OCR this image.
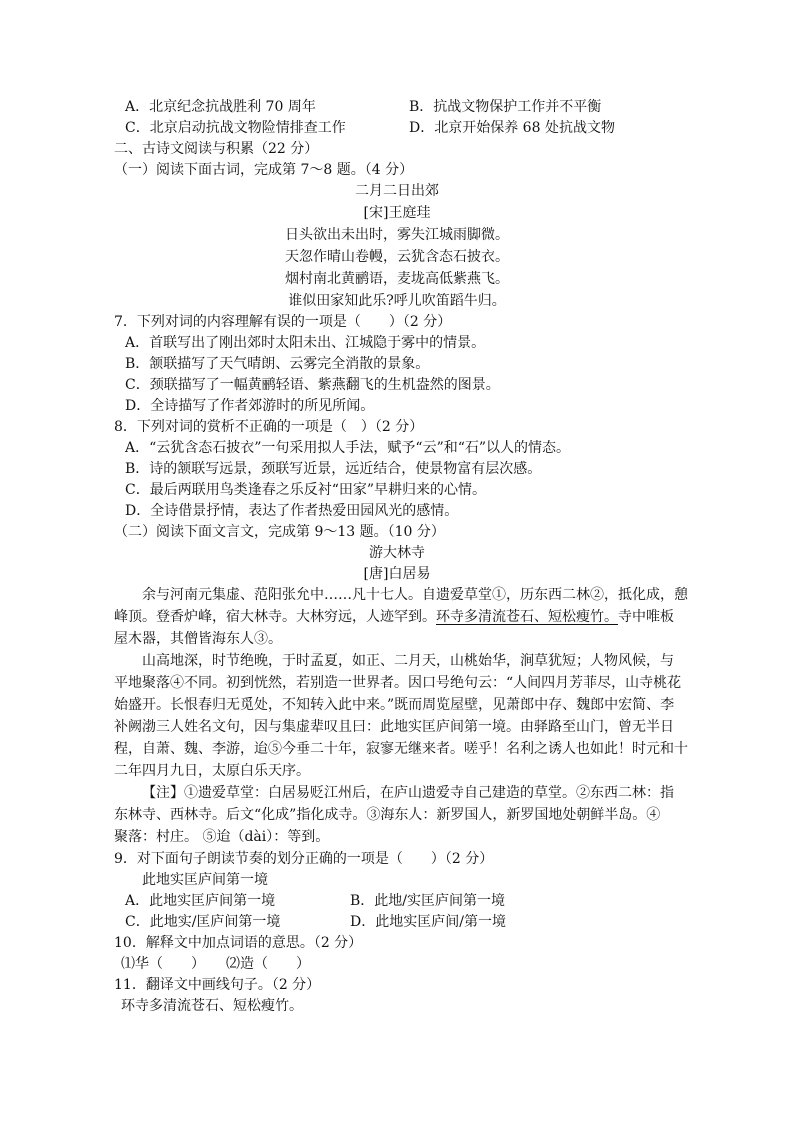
A．北京纪念抗战胜利 70 周年	B．抗战文物保护工作并不平衡
C．北京启动抗战文物险情排查工作	D．北京开始保养 68 处抗战文物
二、古诗文阅读与积累（22 分）
（一）阅读下面古词，完成第 7～8 题。（4 分）
二月二日出郊
[宋]王庭珪
日头欲出未出时，雾失江城雨脚微。
天忽作晴山卷幔，云犹含态石披衣。
烟村南北黄鹂语，麦垅高低紫燕飞。
谁似田家知此乐?呼儿吹笛蹈牛归。
7．下列对词的内容理解有误的一项是（　　）（2 分）
A．首联写出了刚出郊时太阳未出、江城隐于雾中的情景。
B．颔联描写了天气晴朗、云雾完全消散的景象。
C．颈联描写了一幅黄鹂轻语、紫燕翻飞的生机盎然的图景。
D．全诗描写了作者郊游时的所见所闻。
8．下列对词的赏析不正确的一项是（　）（2 分）
A．“云犹含态石披衣”一句采用拟人手法，赋予“云”和“石”以人的情态。
B．诗的颔联写远景，颈联写近景，远近结合，使景物富有层次感。
C．最后两联用鸟类逢春之乐反衬“田家”早耕归来的心情。
D．全诗借景抒情，表达了作者热爱田园风光的感情。
（二）阅读下面文言文，完成第 9～13 题。（10 分）
游大林寺
[唐]白居易
余与河南元集虚、范阳张允中……凡十七人。自遗爱草堂①，历东西二林②，抵化成，憩
峰顶。登香炉峰，宿大林寺。大林穷远，人迹罕到。环寺多清流苍石、短松瘦竹。寺中唯板
屋木器，其僧皆海东人③。
山高地深，时节绝晚，于时孟夏，如正、二月天，山桃始华，涧草犹短；人物风候，与
平地聚落④不同。初到恍然，若别造一世界者。因口号绝句云：“人间四月芳菲尽，山寺桃花
始盛开。长恨春归无觅处，不知转入此中来。”既而周览屋壁，见萧郎中存、魏郎中宏简、李
补阙渤三人姓名文句，因与集虚辈叹且曰：此地实匡庐间第一境。由驿路至山门，曾无半日
程，自萧、魏、李游，迨⑤今垂二十年，寂寥无继来者。嗟乎！名利之诱人也如此！时元和十
二年四月九日，太原白乐天序。
【注】①遗爱草堂：白居易贬江州后，在庐山遗爱寺自己建造的草堂。②东西二林：指
东林寺、西林寺。后文“化成”指化成寺。③海东人：新罗国人，新罗国地处朝鲜半岛。④
聚落：村庄。 ⑤迨（dài）：等到。
9．对下面句子朗读节奏的划分正确的一项是（　　）（2 分）
此地实匡庐间第一境
A．此地实匡庐间第一境	B．此地/实匡庐间第一境
C．此地实/匡庐间第一境	D．此地实匡庐间/第一境
10．解释文中加点词语的意思。（2 分）
⑴华（　　）　　⑵造（　　）
11．翻译文中画线句子。（2 分）
环寺多清流苍石、短松瘦竹。
